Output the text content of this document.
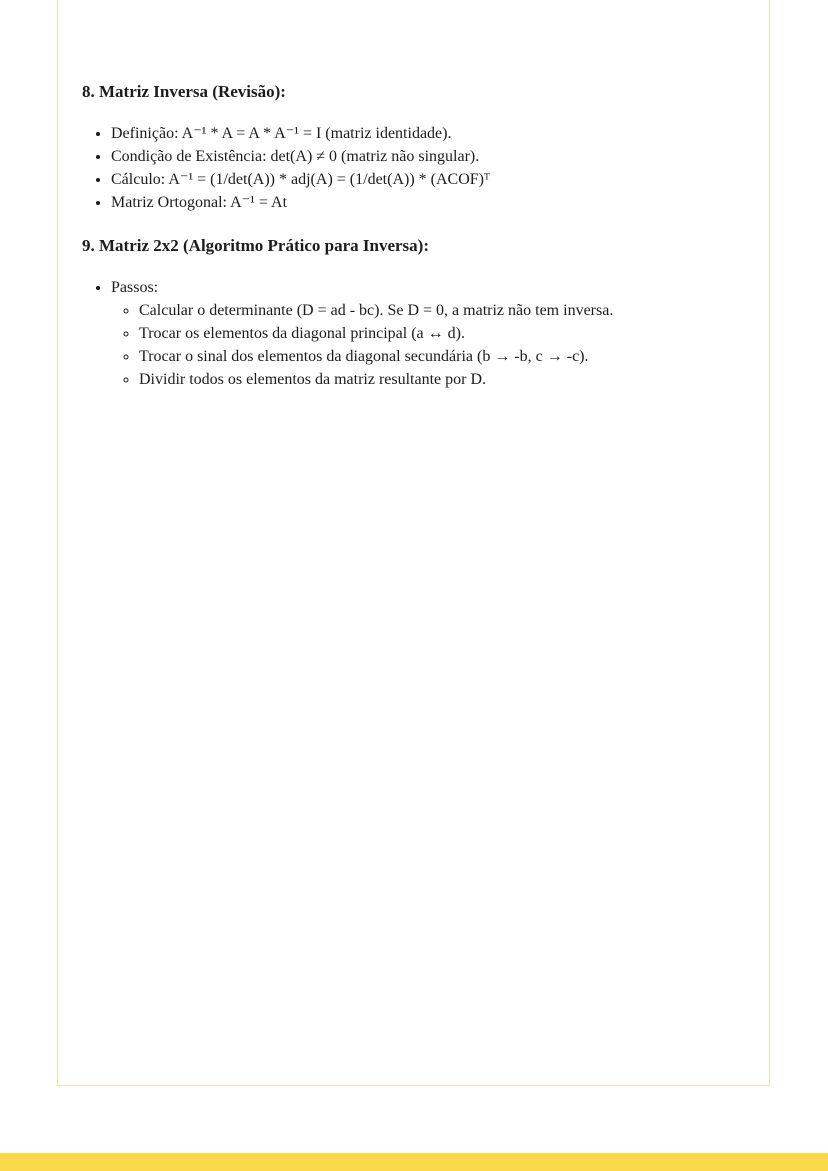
8. Matriz Inversa (Revisão):
• Definição: A⁻¹ * A = A * A⁻¹ = I (matriz identidade).
• Condição de Existência: det(A) ≠ 0 (matriz não singular).
• Cálculo: A⁻¹ = (1/det(A)) * adj(A) = (1/det(A)) * (ACOF)ᵀ
• Matriz Ortogonal: A⁻¹ = At
9. Matriz 2x2 (Algoritmo Prático para Inversa):
• Passos:
◦ Calcular o determinante (D = ad - bc). Se D = 0, a matriz não tem inversa.
◦ Trocar os elementos da diagonal principal (a ↔ d).
◦ Trocar o sinal dos elementos da diagonal secundária (b → -b, c → -c).
◦ Dividir todos os elementos da matriz resultante por D.
